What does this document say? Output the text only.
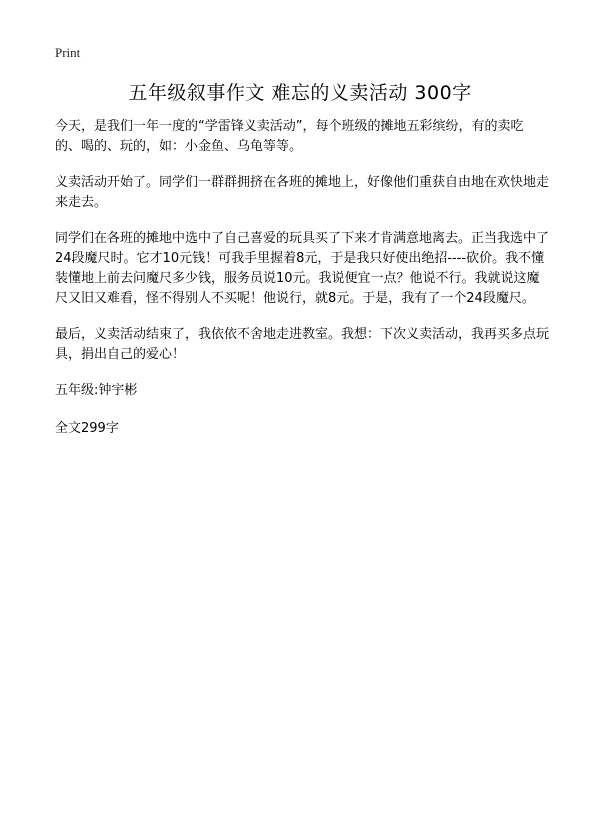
Print
五年级叙事作文 难忘的义卖活动 300字

今天，是我们一年一度的“学雷锋义卖活动”，每个班级的摊地五彩缤纷，有的卖吃的、喝的、玩的，如：小金鱼、乌龟等等。

义卖活动开始了。同学们一群群拥挤在各班的摊地上，好像他们重获自由地在欢快地走来走去。

同学们在各班的摊地中选中了自己喜爱的玩具买了下来才肯满意地离去。正当我选中了24段魔尺时。它才10元钱！可我手里握着8元，于是我只好使出绝招----砍价。我不懂装懂地上前去问魔尺多少钱，服务员说10元。我说便宜一点？他说不行。我就说这魔尺又旧又难看，怪不得别人不买呢！他说行，就8元。于是，我有了一个24段魔尺。

最后，义卖活动结束了，我依依不舍地走进教室。我想：下次义卖活动，我再买多点玩具，捐出自己的爱心！

五年级:钟宇彬

全文299字
